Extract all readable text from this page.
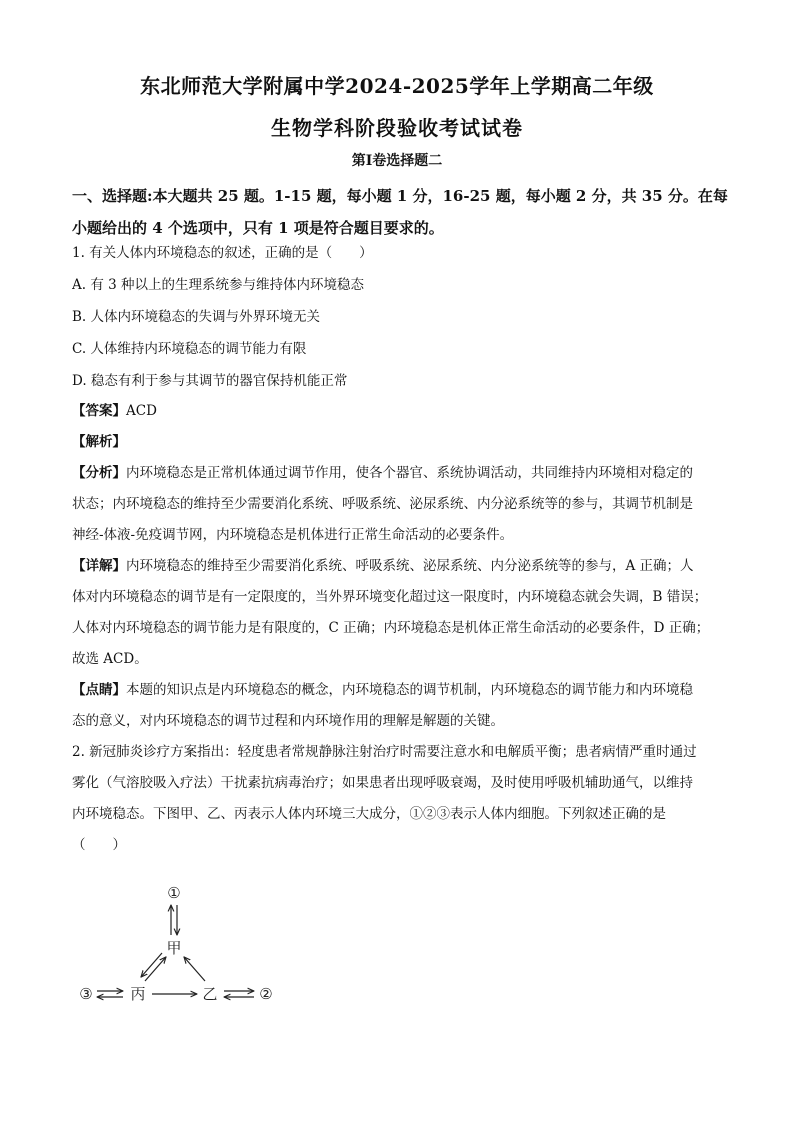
东北师范大学附属中学2024-2025学年上学期高二年级
生物学科阶段验收考试试卷
第Ⅰ卷选择题二
一、选择题:本大题共 25 题。1-15 题，每小题 1 分，16-25 题，每小题 2 分，共 35 分。在每
小题给出的 4 个选项中，只有 1 项是符合题目要求的。
1. 有关人体内环境稳态的叙述，正确的是（　　）
A. 有 3 种以上的生理系统参与维持体内环境稳态
B. 人体内环境稳态的失调与外界环境无关
C. 人体维持内环境稳态的调节能力有限
D. 稳态有利于参与其调节的器官保持机能正常
【答案】ACD
【解析】
【分析】内环境稳态是正常机体通过调节作用，使各个器官、系统协调活动，共同维持内环境相对稳定的
状态；内环境稳态的维持至少需要消化系统、呼吸系统、泌尿系统、内分泌系统等的参与，其调节机制是
神经-体液-免疫调节网，内环境稳态是机体进行正常生命活动的必要条件。
【详解】内环境稳态的维持至少需要消化系统、呼吸系统、泌尿系统、内分泌系统等的参与，A 正确；人
体对内环境稳态的调节是有一定限度的，当外界环境变化超过这一限度时，内环境稳态就会失调，B 错误；
人体对内环境稳态的调节能力是有限度的，C 正确；内环境稳态是机体正常生命活动的必要条件，D 正确；
故选 ACD。
【点睛】本题的知识点是内环境稳态的概念，内环境稳态的调节机制，内环境稳态的调节能力和内环境稳
态的意义，对内环境稳态的调节过程和内环境作用的理解是解题的关键。
2. 新冠肺炎诊疗方案指出：轻度患者常规静脉注射治疗时需要注意水和电解质平衡；患者病情严重时通过
雾化（气溶胶吸入疗法）干扰素抗病毒治疗；如果患者出现呼吸衰竭，及时使用呼吸机辅助通气，以维持
内环境稳态。下图甲、乙、丙表示人体内环境三大成分，①②③表示人体内细胞。下列叙述正确的是
（　　）
①
甲
丙	乙
③	②
